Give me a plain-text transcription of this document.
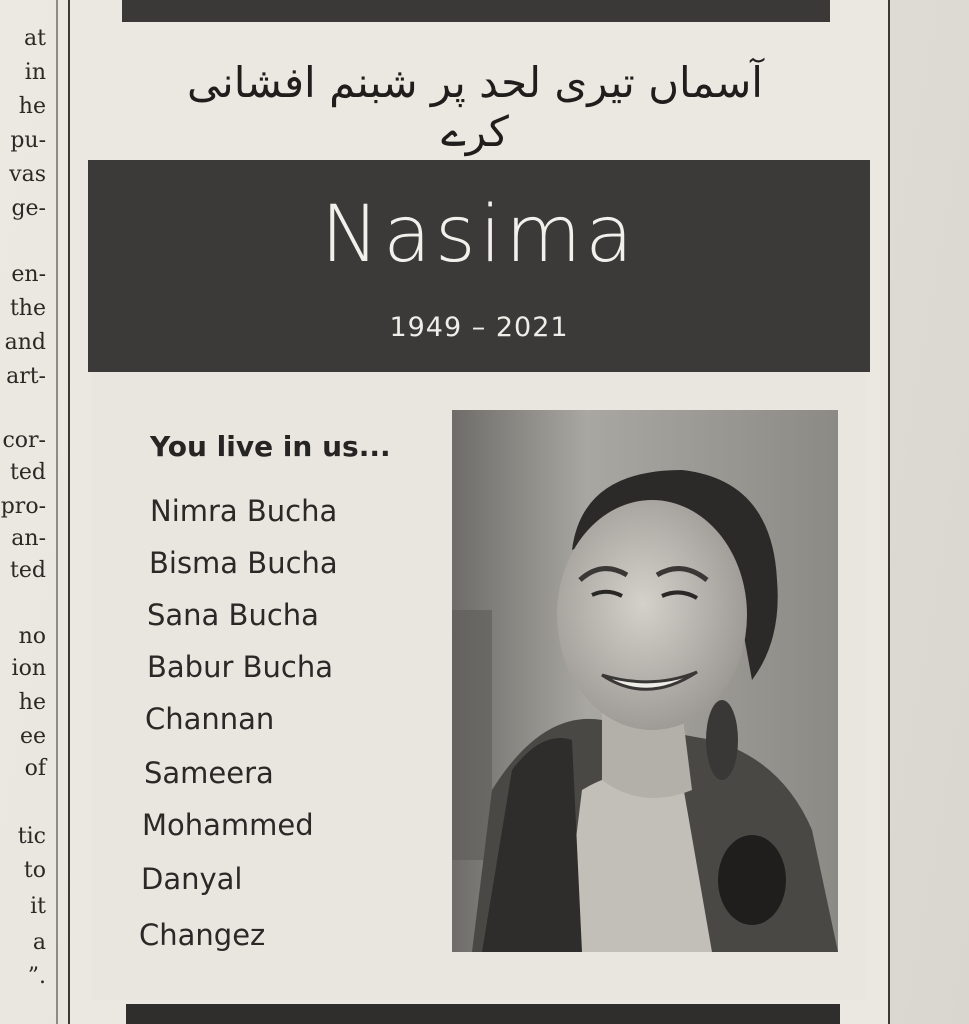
at
in
he
pu-
vas
ge-
en-
the
and
art-
cor-
ted
pro-
an-
ted
no
ion
he
ee
of
tic
to
it
a
”.
آسماں تیری لحد پر شبنم افشانی کرے
Nasima
1949 – 2021
You live in us...
Nimra Bucha
Bisma Bucha
Sana Bucha
Babur Bucha
Channan
Sameera
Mohammed
Danyal
Changez
